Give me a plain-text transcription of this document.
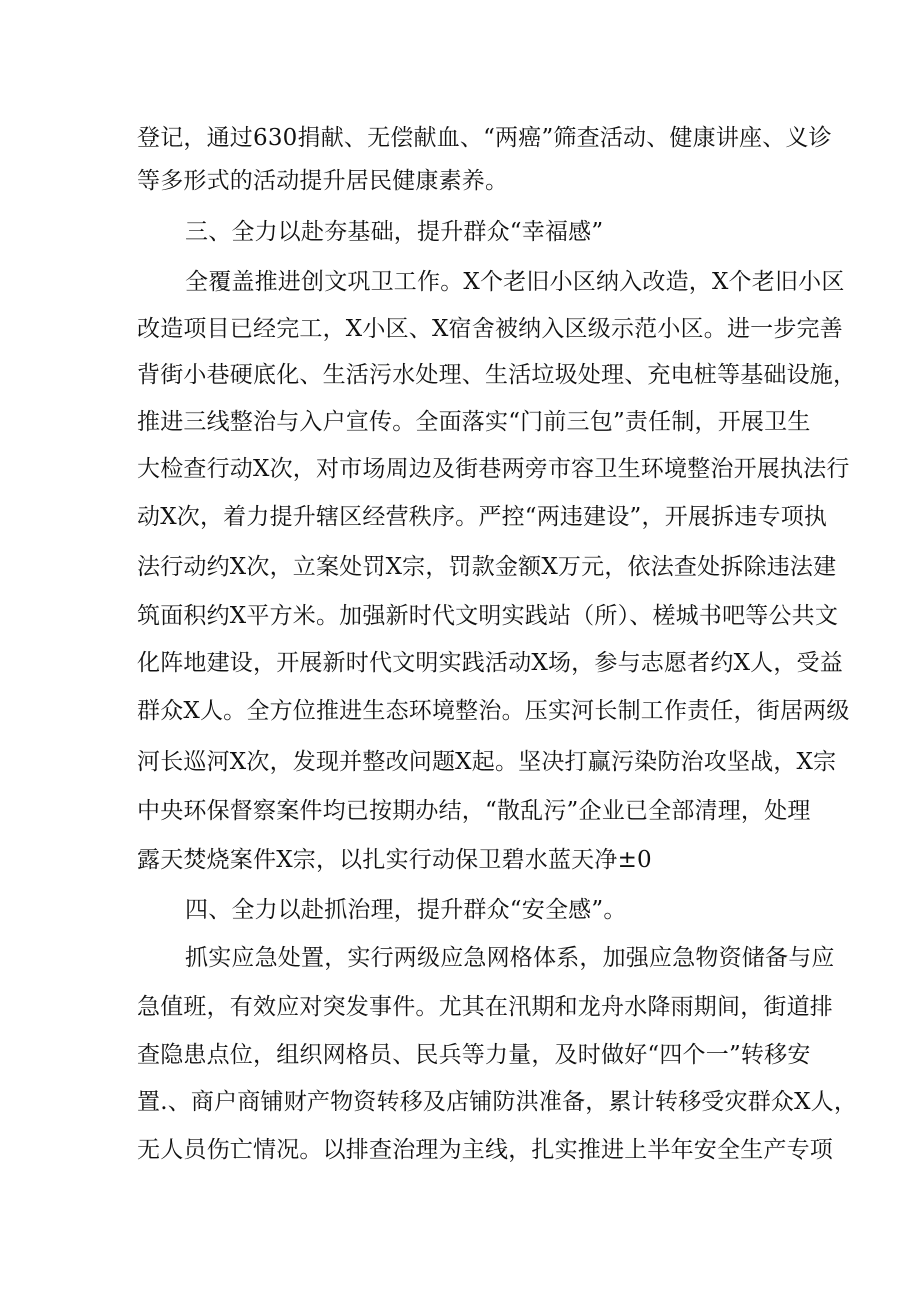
登记，通过630捐献、无偿献血、“两癌”筛查活动、健康讲座、义诊
等多形式的活动提升居民健康素养。
三、全力以赴夯基础，提升群众“幸福感”
全覆盖推进创文巩卫工作。X个老旧小区纳入改造，X个老旧小区
改造项目已经完工，X小区、X宿舍被纳入区级示范小区。进一步完善
背街小巷硬底化、生活污水处理、生活垃圾处理、充电桩等基础设施，
推进三线整治与入户宣传。全面落实“门前三包”责任制，开展卫生
大检查行动X次，对市场周边及街巷两旁市容卫生环境整治开展执法行
动X次，着力提升辖区经营秩序。严控“两违建设”，开展拆违专项执
法行动约X次，立案处罚X宗，罚款金额X万元，依法查处拆除违法建
筑面积约X平方米。加强新时代文明实践站（所）、槎城书吧等公共文
化阵地建设，开展新时代文明实践活动X场，参与志愿者约X人，受益
群众X人。全方位推进生态环境整治。压实河长制工作责任，街居两级
河长巡河X次，发现并整改问题X起。坚决打赢污染防治攻坚战，X宗
中央环保督察案件均已按期办结，“散乱污”企业已全部清理，处理
露天焚烧案件X宗，以扎实行动保卫碧水蓝天净±0
四、全力以赴抓治理，提升群众“安全感”。
抓实应急处置，实行两级应急网格体系，加强应急物资储备与应
急值班，有效应对突发事件。尤其在汛期和龙舟水降雨期间，街道排
查隐患点位，组织网格员、民兵等力量，及时做好“四个一”转移安
置.、商户商铺财产物资转移及店铺防洪准备，累计转移受灾群众X人，
无人员伤亡情况。以排查治理为主线，扎实推进上半年安全生产专项
